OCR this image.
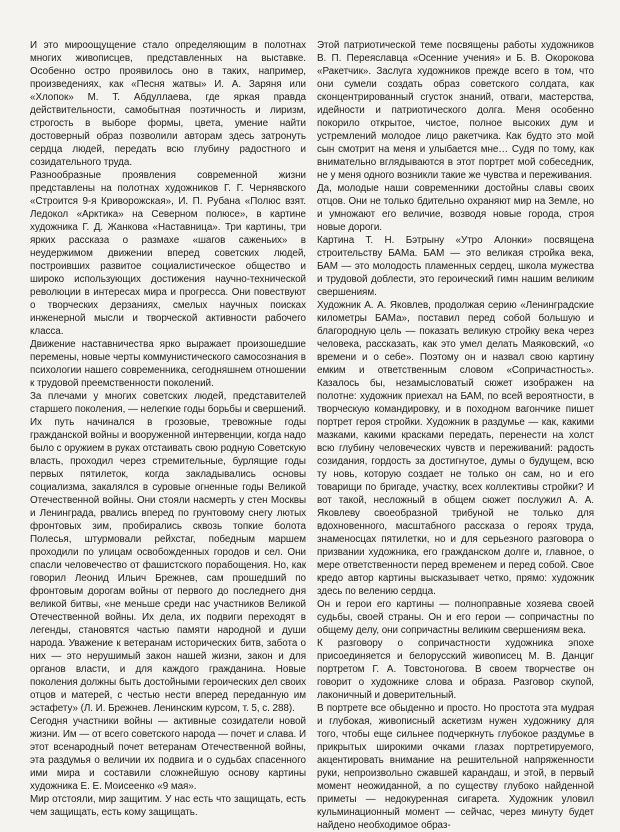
И это мироощущение стало определяющим в полотнах многих живописцев, представленных на выставке. Особенно остро проявилось оно в таких, например, произведениях, как «Песня жатвы» И. А. Заряня или «Хлопок» М. Т. Абдуллаева, где яркая правда действительности, самобытная поэтичность и лиризм, строгость в выборе формы, цвета, умение найти достоверный образ позволили авторам здесь затронуть сердца людей, передать всю глубину радостного и созидательного труда.

Разнообразные проявления современной жизни представлены на полотнах художников Г. Г. Чернявского «Строится 9-я Криворожская», И. П. Рубана «Полюс взят. Ледокол «Арктика» на Северном полюсе», в картине художника Г. Д. Жанкова «Наставница». Три картины, три ярких рассказа о размахе «шагов саженьих» в неудержимом движении вперед советских людей, построивших развитое социалистическое общество и широко использующих достижения научно-технической революции в интересах мира и прогресса. Они повествуют о творческих дерзаниях, смелых научных поисках инженерной мысли и творческой активности рабочего класса.

Движение наставничества ярко выражает произошедшие перемены, новые черты коммунистического самосознания в психологии нашего современника, сегодняшнем отношении к трудовой преемственности поколений.

За плечами у многих советских людей, представителей старшего поколения, — нелегкие годы борьбы и свершений. Их путь начинался в грозовые, тревожные годы гражданской войны и вооруженной интервенции, когда надо было с оружием в руках отстаивать свою родную Советскую власть, проходил через стремительные, бурлящие годы первых пятилеток, когда закладывались основы социализма, закалялся в суровые огненные годы Великой Отечественной войны. Они стояли насмерть у стен Москвы и Ленинграда, рвались вперед по грунтовому снегу лютых фронтовых зим, пробирались сквозь топкие болота Полесья, штурмовали рейхстаг, победным маршем проходили по улицам освобожденных городов и сел. Они спасли человечество от фашистского порабощения. Но, как говорил Леонид Ильич Брежнев, сам прошедший по фронтовым дорогам войны от первого до последнего дня великой битвы, «не меньше среди нас участников Великой Отечественной войны. Их дела, их подвиги переходят в легенды, становятся частью памяти народной и души народа. Уважение к ветеранам исторических битв, забота о них — это нерушимый закон нашей жизни, закон и для органов власти, и для каждого гражданина. Новые поколения должны быть достойными героических дел своих отцов и матерей, с честью нести вперед переданную им эстафету» (Л. И. Брежнев. Ленинским курсом, т. 5, с. 288).

Сегодня участники войны — активные созидатели новой жизни. Им — от всего советского народа — почет и слава. И этот всенародный почет ветеранам Отечественной войны, эта раздумья о величии их подвига и о судьбах спасенного ими мира и составили сложнейшую основу картины художника Е. Е. Моисеенко «9 мая».

Мир отстояли, мир защитим. У нас есть что защищать, есть чем защищать, есть кому защищать.

Этой патриотической теме посвящены работы художников В. П. Переяславца «Осенние учения» и Б. В. Окорокова «Ракетчик». Заслуга художников прежде всего в том, что они сумели создать образ советского солдата, как сконцентрированный сгусток знаний, отваги, мастерства, идейности и патриотического долга. Меня особенно покорило открытое, чистое, полное высоких дум и устремлений молодое лицо ракетчика. Как будто это мой сын смотрит на меня и улыбается мне… Судя по тому, как внимательно вглядываются в этот портрет мой собеседник, не у меня одного возникли такие же чувства и переживания.

Да, молодые наши современники достойны славы своих отцов. Они не только бдительно охраняют мир на Земле, но и умножают его величие, возводя новые города, строя новые дороги.

Картина Т. Н. Бэтрыну «Утро Алонки» посвящена строительству БАМа. БАМ — это великая стройка века, БАМ — это молодость пламенных сердец, школа мужества и трудовой доблести, это героический гимн нашим великим свершениям.

Художник А. А. Яковлев, продолжая серию «Ленинградские километры БАМа», поставил перед собой большую и благородную цель — показать великую стройку века через человека, рассказать, как это умел делать Маяковский, «о времени и о себе». Поэтому он и назвал свою картину емким и ответственным словом «Сопричастность». Казалось бы, незамысловатый сюжет изображен на полотне: художник приехал на БАМ, по всей вероятности, в творческую командировку, и в походном вагончике пишет портрет героя стройки. Художник в раздумье — как, какими мазками, какими красками передать, перенести на холст всю глубину человеческих чувств и переживаний: радость созидания, гордость за достигнутое, думы о будущем, всю ту новь, которую создает не только он сам, но и его товарищи по бригаде, участку, всех коллективы стройки? И вот такой, несложный в общем сюжет послужил А. А. Яковлеву своеобразной трибуной не только для вдохновенного, масштабного рассказа о героях труда, знаменосцах пятилетки, но и для серьезного разговора о призвании художника, его гражданском долге и, главное, о мере ответственности перед временем и перед собой. Свое кредо автор картины высказывает четко, прямо: художник здесь по велению сердца.

Он и герои его картины — полноправные хозяева своей судьбы, своей страны. Он и его герои — сопричастны по общему делу, они сопричастны великим свершениям века.

К разговору о сопричастности художника эпохе присоединяется и белорусский живописец М. В. Данциг портретом Г. А. Товстоногова. В своем творчестве он говорит о художнике слова и образа. Разговор скупой, лаконичный и доверительный.

В портрете все обыденно и просто. Но простота эта мудрая и глубокая, живописный аскетизм нужен художнику для того, чтобы еще сильнее подчеркнуть глубокое раздумье в прикрытых широкими очками глазах портретируемого, акцентировать внимание на решительной напряженности руки, непроизвольно сжавшей карандаш, и этой, в первый момент неожиданной, а по существу глубоко найденной приметы — недокуренная сигарета. Художник уловил кульминационный момент — сейчас, через минуту будет найдено необходимое образ-
